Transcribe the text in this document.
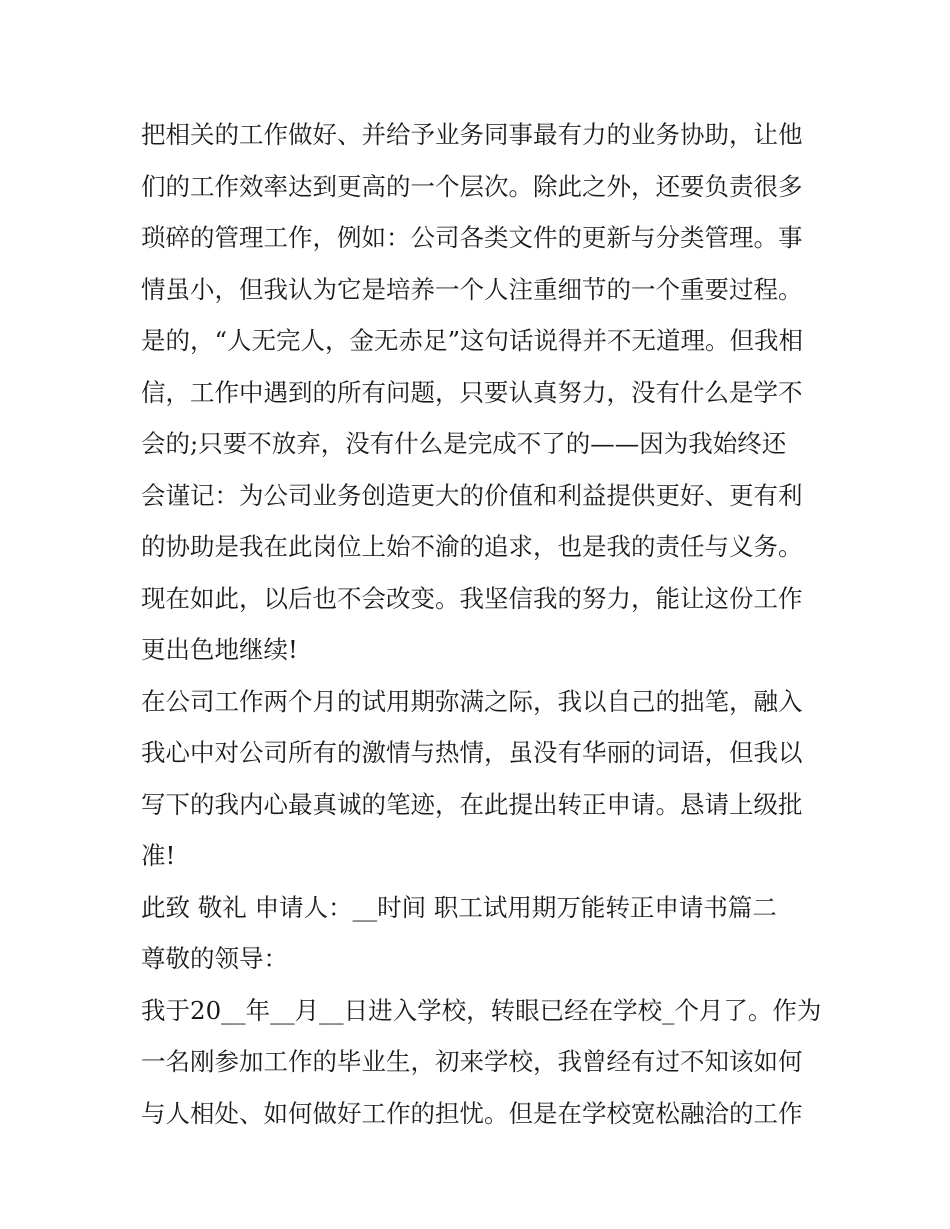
把相关的工作做好、并给予业务同事最有力的业务协助，让他
们的工作效率达到更高的一个层次。除此之外，还要负责很多
琐碎的管理工作，例如：公司各类文件的更新与分类管理。事
情虽小，但我认为它是培养一个人注重细节的一个重要过程。
是的，“人无完人，金无赤足”这句话说得并不无道理。但我相
信，工作中遇到的所有问题，只要认真努力，没有什么是学不
会的;只要不放弃，没有什么是完成不了的——因为我始终还
会谨记：为公司业务创造更大的价值和利益提供更好、更有利
的协助是我在此岗位上始不渝的追求，也是我的责任与义务。
现在如此，以后也不会改变。我坚信我的努力，能让这份工作
更出色地继续!
在公司工作两个月的试用期弥满之际，我以自己的拙笔，融入
我心中对公司所有的激情与热情，虽没有华丽的词语，但我以
写下的我内心最真诚的笔迹，在此提出转正申请。恳请上级批
准!
此致 敬礼 申请人：__时间 职工试用期万能转正申请书篇二
尊敬的领导：
我于20__年__月__日进入学校，转眼已经在学校_个月了。作为
一名刚参加工作的毕业生，初来学校，我曾经有过不知该如何
与人相处、如何做好工作的担忧。但是在学校宽松融洽的工作
